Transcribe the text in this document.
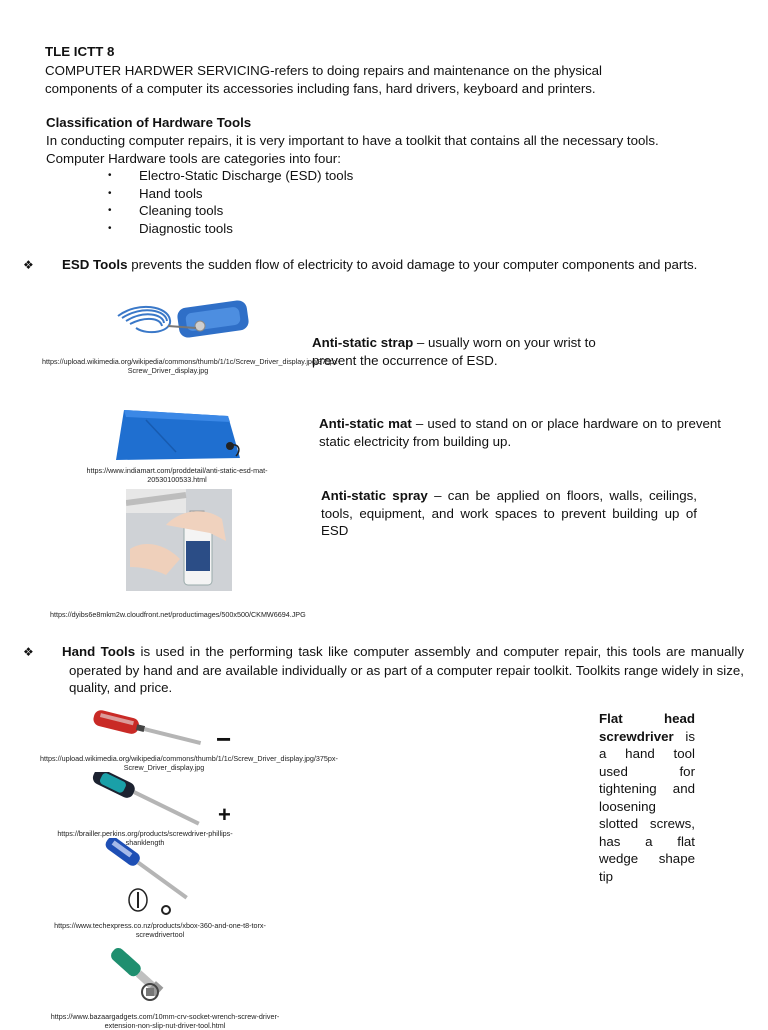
TLE ICTT 8
COMPUTER HARDWER SERVICING-refers to doing repairs and maintenance on the physical components of a computer its accessories including fans, hard drivers, keyboard and printers.
Classification of Hardware Tools
In conducting computer repairs, it is very important to have a toolkit that contains all the necessary tools.
Computer Hardware tools are categories into four:
• Electro-Static Discharge (ESD) tools
• Hand tools
• Cleaning tools
• Diagnostic tools
❖ ESD Tools prevents the sudden flow of electricity to avoid damage to your computer components and parts.
https://upload.wikimedia.org/wikipedia/commons/thumb/1/1c/Screw_Driver_display.jpg/375px-Screw_Driver_display.jpg
Anti-static strap – usually worn on your wrist to prevent the occurrence of ESD.
https://www.indiamart.com/proddetail/anti-static-esd-mat-20530100533.html
Anti-static mat – used to stand on or place hardware on to prevent static electricity from building up.
https://dyibs6e8mkm2w.cloudfront.net/productimages/500x500/CKMW6694.JPG
Anti-static spray – can be applied on floors, walls, ceilings, tools, equipment, and work spaces to prevent building up of ESD
❖ Hand Tools is used in the performing task like computer assembly and computer repair, this tools are manually operated by hand and are available individually or as part of a computer repair toolkit. Toolkits range widely in size, quality, and price.
−
https://upload.wikimedia.org/wikipedia/commons/thumb/1/1c/Screw_Driver_display.jpg/375px-Screw_Driver_display.jpg
+
https://brailler.perkins.org/products/screwdriver-phillips-shanklength
https://www.techexpress.co.nz/products/xbox-360-and-one-t8-torx-screwdrivertool
https://www.bazaargadgets.com/10mm-crv-socket-wrench-screw-driver-extension-non-slip-nut-driver-tool.html
Flat head screwdriver is a hand tool used for tightening and loosening slotted screws, has a flat wedge shape tip
